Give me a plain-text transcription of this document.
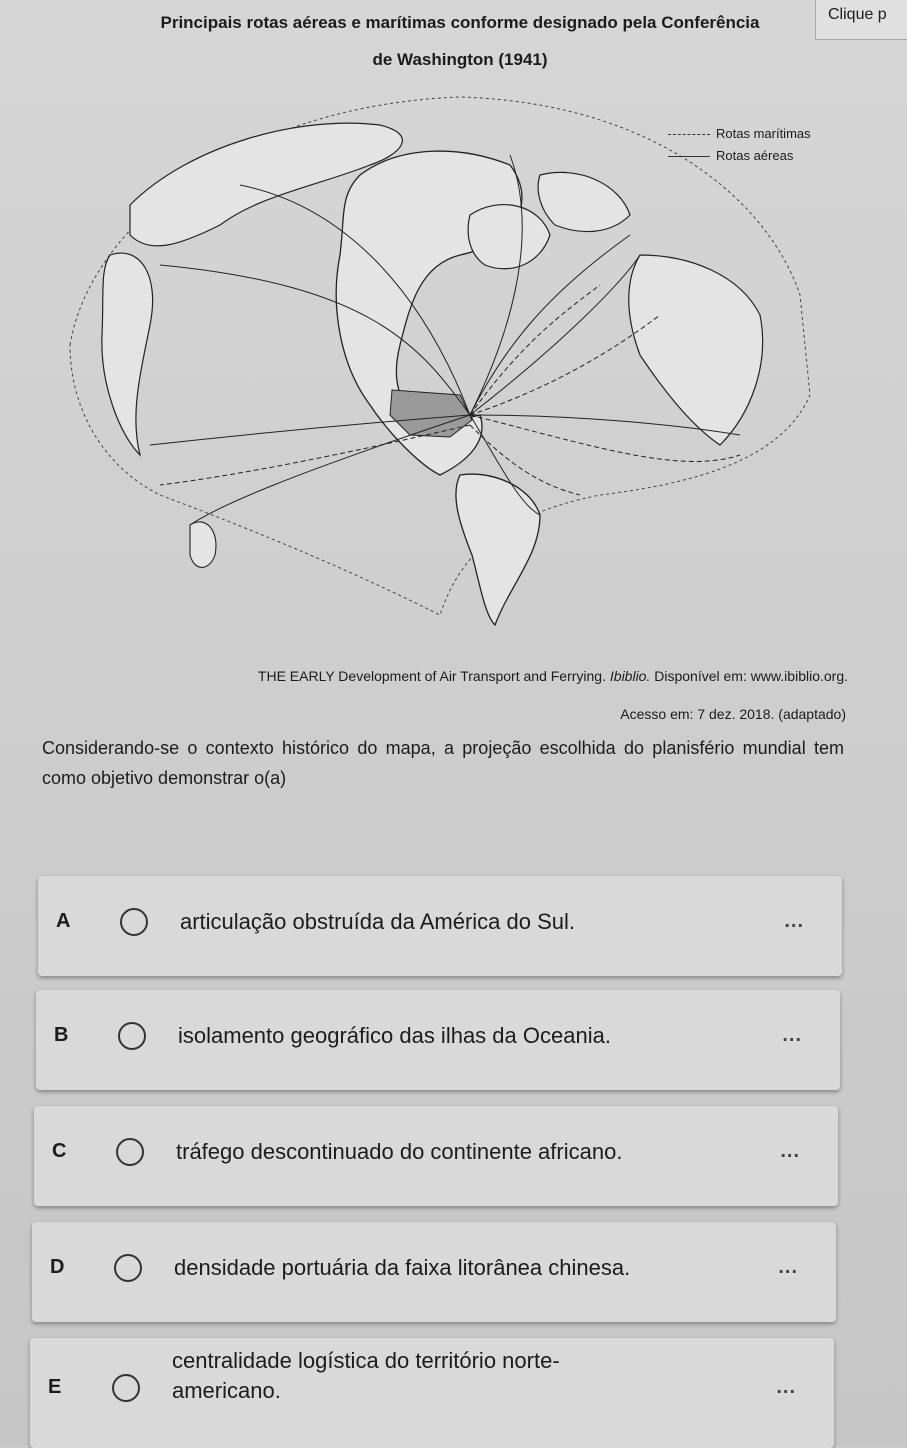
Clique p
Principais rotas aéreas e marítimas conforme designado pela Conferência
de Washington (1941)
Rotas marítimas
Rotas aéreas
THE EARLY Development of Air Transport and Ferrying. Ibiblio. Disponível em: www.ibiblio.org.
Acesso em: 7 dez. 2018. (adaptado)
Considerando-se o contexto histórico do mapa, a projeção escolhida do planisfério mundial tem como objetivo demonstrar o(a)
A	articulação obstruída da América do Sul.	...
B	isolamento geográfico das ilhas da Oceania.	...
C	tráfego descontinuado do continente africano.	...
D	densidade portuária da faixa litorânea chinesa.	...
E
centralidade logística do território norte-
americano.	...
